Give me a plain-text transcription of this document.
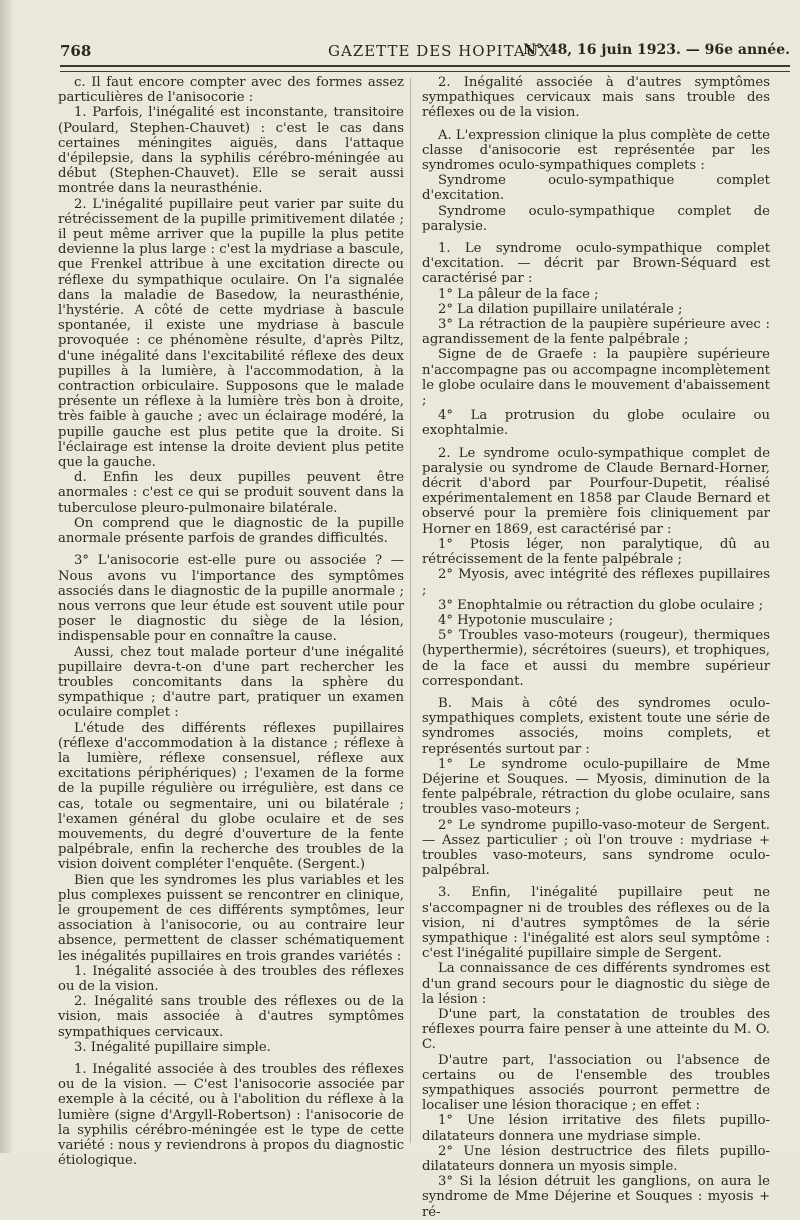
768	GAZETTE DES HOPITAUX
N° 48, 16 juin 1923. — 96e année.

c. Il faut encore compter avec des formes assez particulières de l'anisocorie :

1. Parfois, l'inégalité est inconstante, transitoire (Poulard, Stephen-Chauvet) : c'est le cas dans certaines méningites aiguës, dans l'attaque d'épilepsie, dans la syphilis cérébro-méningée au début (Stephen-Chauvet). Elle se serait aussi montrée dans la neurasthénie.

2. L'inégalité pupillaire peut varier par suite du rétrécissement de la pupille primitivement dilatée ; il peut même arriver que la pupille la plus petite devienne la plus large : c'est la mydriase a bascule, que Frenkel attribue à une excitation directe ou réflexe du sympathique oculaire. On l'a signalée dans la maladie de Basedow, la neurasthénie, l'hystérie. A côté de cette mydriase à bascule spontanée, il existe une mydriase à bascule provoquée : ce phénomène résulte, d'après Piltz, d'une inégalité dans l'excitabilité réflexe des deux pupilles à la lumière, à l'accommodation, à la contraction orbiculaire. Supposons que le malade présente un réflexe à la lumière très bon à droite, très faible à gauche ; avec un éclairage modéré, la pupille gauche est plus petite que la droite. Si l'éclairage est intense la droite devient plus petite que la gauche.

d. Enfin les deux pupilles peuvent être anormales : c'est ce qui se produit souvent dans la tuberculose pleuro-pulmonaire bilatérale.

On comprend que le diagnostic de la pupille anormale présente parfois de grandes difficultés.

3° L'anisocorie est-elle pure ou associée ? — Nous avons vu l'importance des symptômes associés dans le diagnostic de la pupille anormale ; nous verrons que leur étude est souvent utile pour poser le diagnostic du siège de la lésion, indispensable pour en connaître la cause.

Aussi, chez tout malade porteur d'une inégalité pupillaire devra-t-on d'une part rechercher les troubles concomitants dans la sphère du sympathique ; d'autre part, pratiquer un examen oculaire complet :

L'étude des différents réflexes pupillaires (réflexe d'accommodation à la distance ; réflexe à la lumière, réflexe consensuel, réflexe aux excitations périphériques) ; l'examen de la forme de la pupille régulière ou irrégulière, est dans ce cas, totale ou segmentaire, uni ou bilatérale ; l'examen général du globe oculaire et de ses mouvements, du degré d'ouverture de la fente palpébrale, enfin la recherche des troubles de la vision doivent compléter l'enquête. (Sergent.)

Bien que les syndromes les plus variables et les plus complexes puissent se rencontrer en clinique, le groupement de ces différents symptômes, leur association à l'anisocorie, ou au contraire leur absence, permettent de classer schématiquement les inégalités pupillaires en trois grandes variétés :

1. Inégalité associée à des troubles des réflexes ou de la vision.

2. Inégalité sans trouble des réflexes ou de la vision, mais associée à d'autres symptômes sympathiques cervicaux.

3. Inégalité pupillaire simple.

1. Inégalité associée à des troubles des réflexes ou de la vision. — C'est l'anisocorie associée par exemple à la cécité, ou à l'abolition du réflexe à la lumière (signe d'Argyll-Robertson) : l'anisocorie de la syphilis cérébro-méningée est le type de cette variété : nous y reviendrons à propos du diagnostic étiologique.

2. Inégalité associée à d'autres symptômes sympathiques cervicaux mais sans trouble des réflexes ou de la vision.

A. L'expression clinique la plus complète de cette classe d'anisocorie est représentée par les syndromes oculo-sympathiques complets :

Syndrome oculo-sympathique complet d'excitation.

Syndrome oculo-sympathique complet de paralysie.

1. Le syndrome oculo-sympathique complet d'excitation. — décrit par Brown-Séquard est caractérisé par :

1° La pâleur de la face ;

2° La dilation pupillaire unilatérale ;

3° La rétraction de la paupière supérieure avec : agrandissement de la fente palpébrale ;

Signe de de Graefe : la paupière supérieure n'accompagne pas ou accompagne incomplètement le globe oculaire dans le mouvement d'abaissement ;

4° La protrusion du globe oculaire ou exophtalmie.

2. Le syndrome oculo-sympathique complet de paralysie ou syndrome de Claude Bernard-Horner, décrit d'abord par Pourfour-Dupetit, réalisé expérimentalement en 1858 par Claude Bernard et observé pour la première fois cliniquement par Horner en 1869, est caractérisé par :

1° Ptosis léger, non paralytique, dû au rétrécissement de la fente palpébrale ;

2° Myosis, avec intégrité des réflexes pupillaires ;

3° Enophtalmie ou rétraction du globe oculaire ;

4° Hypotonie musculaire ;

5° Troubles vaso-moteurs (rougeur), thermiques (hyperthermie), sécrétoires (sueurs), et trophiques, de la face et aussi du membre supérieur correspondant.

B. Mais à côté des syndromes oculo-sympathiques complets, existent toute une série de syndromes associés, moins complets, et représentés surtout par :

1° Le syndrome oculo-pupillaire de Mme Déjerine et Souques. — Myosis, diminution de la fente palpébrale, rétraction du globe oculaire, sans troubles vaso-moteurs ;

2° Le syndrome pupillo-vaso-moteur de Sergent. — Assez particulier ; où l'on trouve : mydriase + troubles vaso-moteurs, sans syndrome oculo-palpébral.

3. Enfin, l'inégalité pupillaire peut ne s'accompagner ni de troubles des réflexes ou de la vision, ni d'autres symptômes de la série sympathique : l'inégalité est alors seul symptôme : c'est l'inégalité pupillaire simple de Sergent.

La connaissance de ces différents syndromes est d'un grand secours pour le diagnostic du siège de la lésion :

D'une part, la constatation de troubles des réflexes pourra faire penser à une atteinte du M. O. C.

D'autre part, l'association ou l'absence de certains ou de l'ensemble des troubles sympathiques associés pourront permettre de localiser une lésion thoracique ; en effet :

1° Une lésion irritative des filets pupillo-dilatateurs donnera une mydriase simple.

2° Une lésion destructrice des filets pupillo-dilatateurs donnera un myosis simple.

3° Si la lésion détruit les ganglions, on aura le syndrome de Mme Déjerine et Souques : myosis + ré-
